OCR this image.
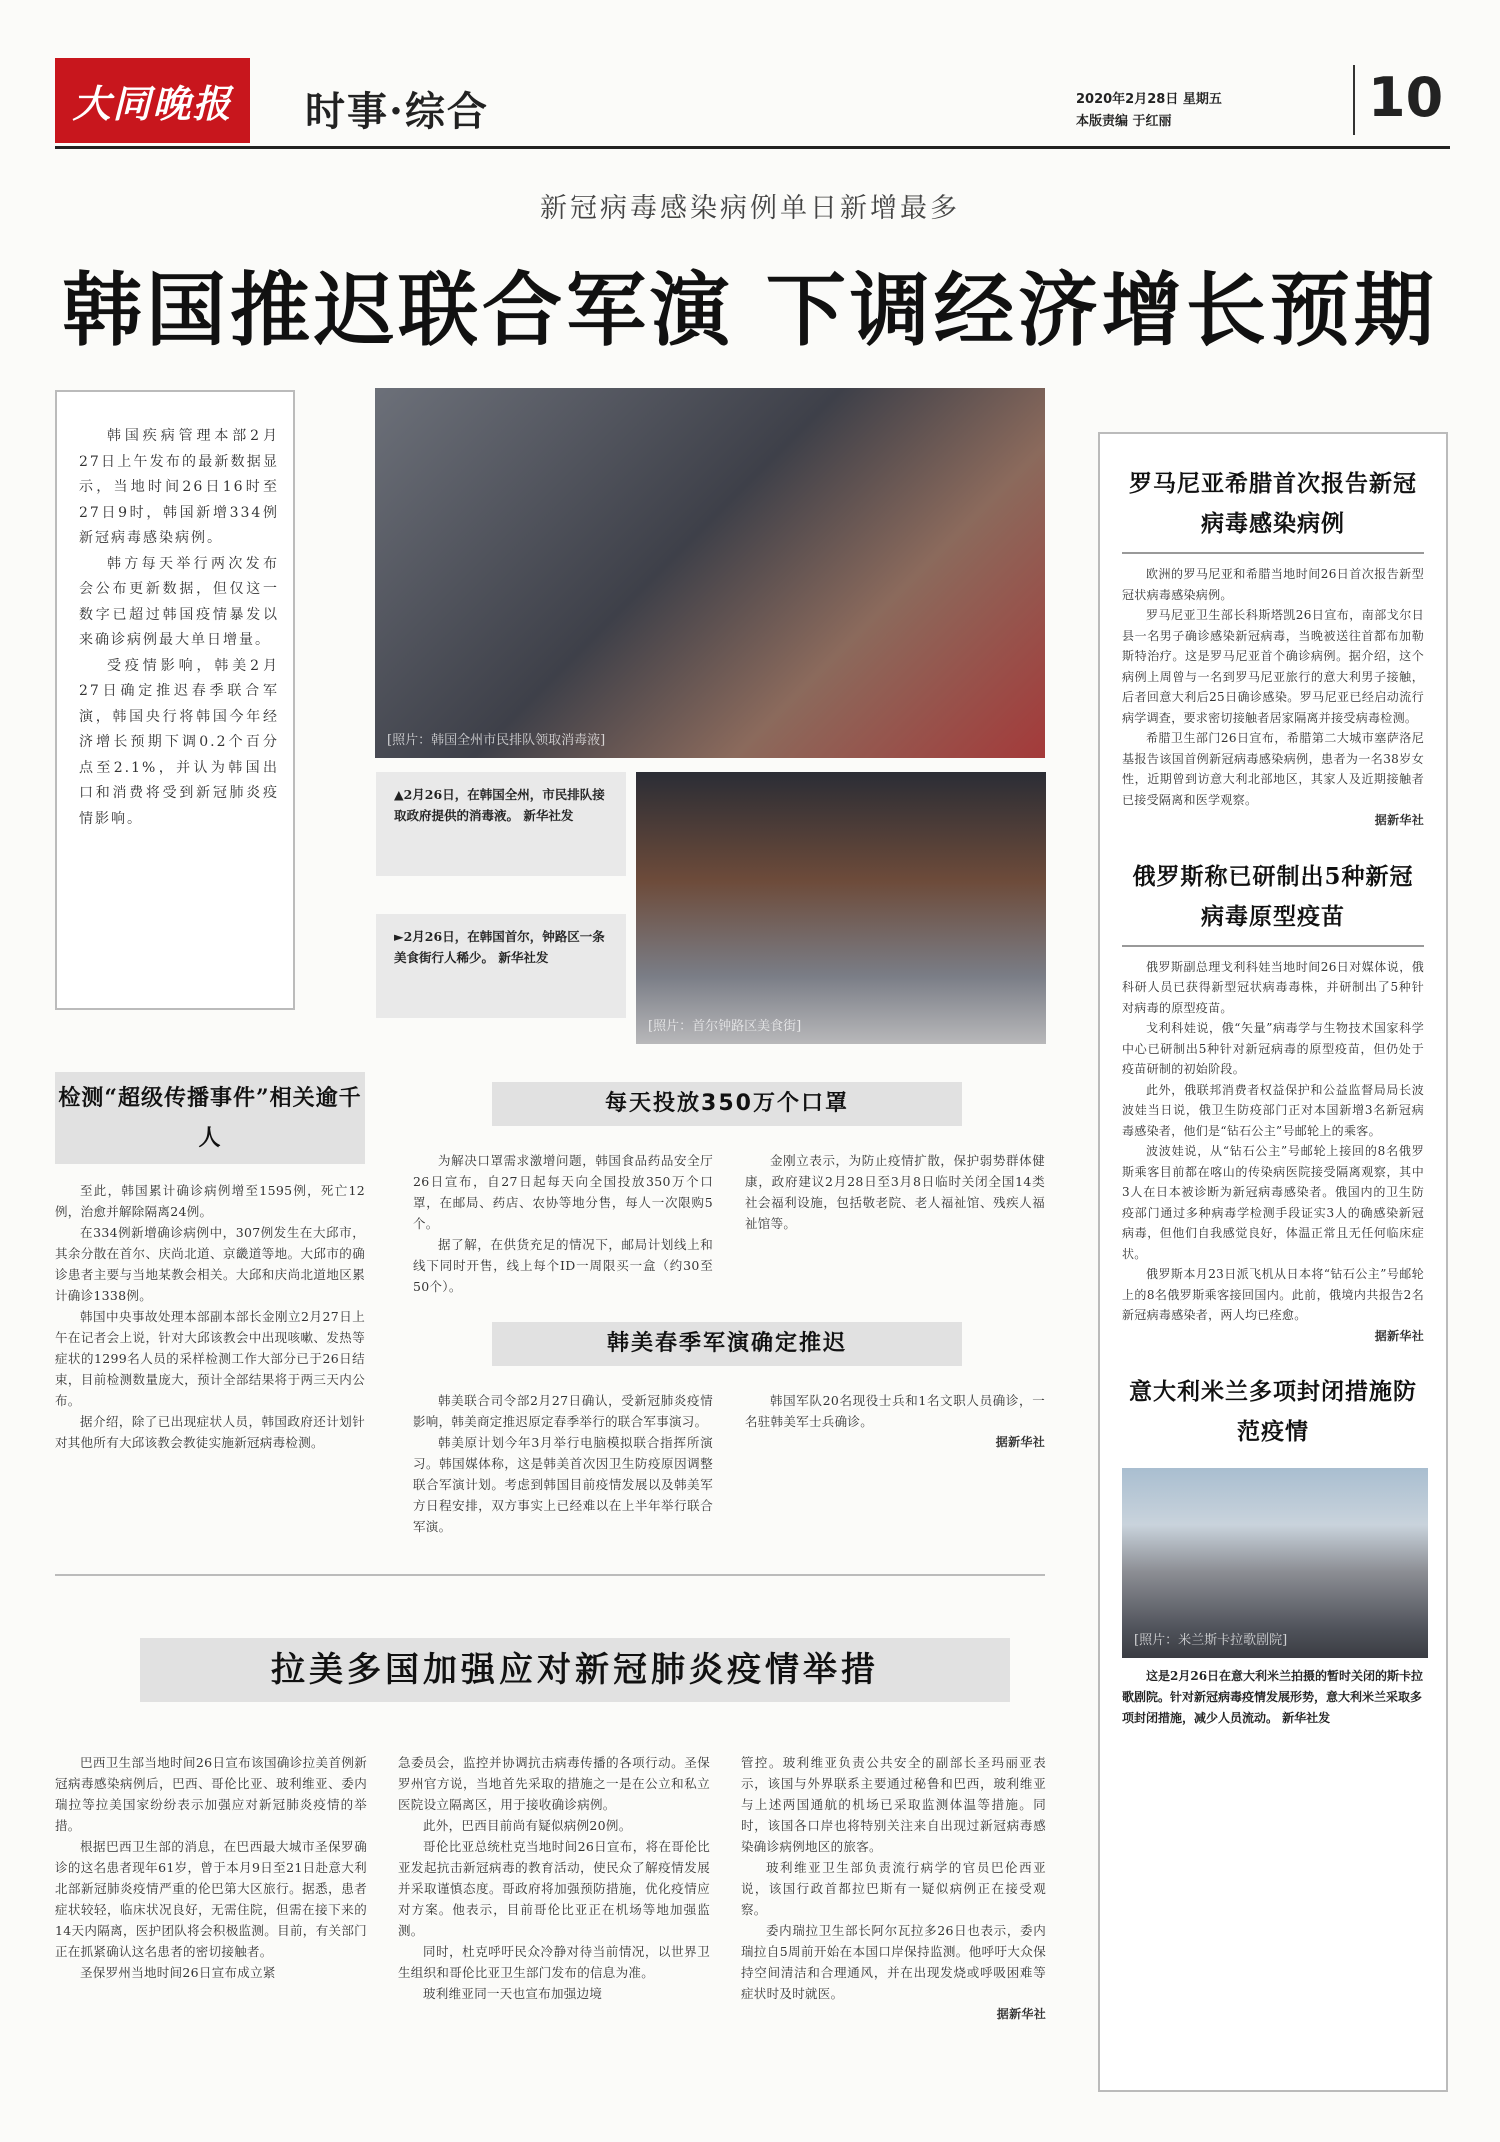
大同晚报	时事·综合	2020年2月28日 星期五
本版责编 于红丽	10
新冠病毒感染病例单日新增最多
韩国推迟联合军演 下调经济增长预期

韩国疾病管理本部2月27日上午发布的最新数据显示，当地时间26日16时至27日9时，韩国新增334例新冠病毒感染病例。

韩方每天举行两次发布会公布更新数据，但仅这一数字已超过韩国疫情暴发以来确诊病例最大单日增量。

受疫情影响，韩美2月27日确定推迟春季联合军演，韩国央行将韩国今年经济增长预期下调0.2个百分点至2.1%，并认为韩国出口和消费将受到新冠肺炎疫情影响。

[照片：韩国全州市民排队领取消毒液]
▲2月26日，在韩国全州，市民排队接取政府提供的消毒液。 新华社发
►2月26日，在韩国首尔，钟路区一条美食街行人稀少。 新华社发
[照片：首尔钟路区美食街]
检测“超级传播事件”相关逾千人

至此，韩国累计确诊病例增至1595例，死亡12例，治愈并解除隔离24例。

在334例新增确诊病例中，307例发生在大邱市，其余分散在首尔、庆尚北道、京畿道等地。大邱市的确诊患者主要与当地某教会相关。大邱和庆尚北道地区累计确诊1338例。

韩国中央事故处理本部副本部长金刚立2月27日上午在记者会上说，针对大邱该教会中出现咳嗽、发热等症状的1299名人员的采样检测工作大部分已于26日结束，目前检测数量庞大，预计全部结果将于两三天内公布。

据介绍，除了已出现症状人员，韩国政府还计划针对其他所有大邱该教会教徒实施新冠病毒检测。

每天投放350万个口罩

为解决口罩需求激增问题，韩国食品药品安全厅26日宣布，自27日起每天向全国投放350万个口罩，在邮局、药店、农协等地分售，每人一次限购5个。

据了解，在供货充足的情况下，邮局计划线上和线下同时开售，线上每个ID一周限买一盒（约30至50个）。

金刚立表示，为防止疫情扩散，保护弱势群体健康，政府建议2月28日至3月8日临时关闭全国14类社会福利设施，包括敬老院、老人福祉馆、残疾人福祉馆等。

韩美春季军演确定推迟

韩美联合司令部2月27日确认，受新冠肺炎疫情影响，韩美商定推迟原定春季举行的联合军事演习。

韩美原计划今年3月举行电脑模拟联合指挥所演习。韩国媒体称，这是韩美首次因卫生防疫原因调整联合军演计划。考虑到韩国目前疫情发展以及韩美军方日程安排，双方事实上已经难以在上半年举行联合军演。

韩国军队20名现役士兵和1名文职人员确诊，一名驻韩美军士兵确诊。

据新华社
拉美多国加强应对新冠肺炎疫情举措

巴西卫生部当地时间26日宣布该国确诊拉美首例新冠病毒感染病例后，巴西、哥伦比亚、玻利维亚、委内瑞拉等拉美国家纷纷表示加强应对新冠肺炎疫情的举措。

根据巴西卫生部的消息，在巴西最大城市圣保罗确诊的这名患者现年61岁，曾于本月9日至21日赴意大利北部新冠肺炎疫情严重的伦巴第大区旅行。据悉，患者症状较轻，临床状况良好，无需住院，但需在接下来的14天内隔离，医护团队将会积极监测。目前，有关部门正在抓紧确认这名患者的密切接触者。

圣保罗州当地时间26日宣布成立紧

急委员会，监控并协调抗击病毒传播的各项行动。圣保罗州官方说，当地首先采取的措施之一是在公立和私立医院设立隔离区，用于接收确诊病例。

此外，巴西目前尚有疑似病例20例。

哥伦比亚总统杜克当地时间26日宣布，将在哥伦比亚发起抗击新冠病毒的教育活动，使民众了解疫情发展并采取谨慎态度。哥政府将加强预防措施，优化疫情应对方案。他表示，目前哥伦比亚正在机场等地加强监测。

同时，杜克呼吁民众冷静对待当前情况，以世界卫生组织和哥伦比亚卫生部门发布的信息为准。

玻利维亚同一天也宣布加强边境

管控。玻利维亚负责公共安全的副部长圣玛丽亚表示，该国与外界联系主要通过秘鲁和巴西，玻利维亚与上述两国通航的机场已采取监测体温等措施。同时，该国各口岸也将特别关注来自出现过新冠病毒感染确诊病例地区的旅客。

玻利维亚卫生部负责流行病学的官员巴伦西亚说，该国行政首都拉巴斯有一疑似病例正在接受观察。

委内瑞拉卫生部长阿尔瓦拉多26日也表示，委内瑞拉自5周前开始在本国口岸保持监测。他呼吁大众保持空间清洁和合理通风，并在出现发烧或呼吸困难等症状时及时就医。

据新华社
罗马尼亚希腊首次报告新冠病毒感染病例

欧洲的罗马尼亚和希腊当地时间26日首次报告新型冠状病毒感染病例。

罗马尼亚卫生部长科斯塔凯26日宣布，南部戈尔日县一名男子确诊感染新冠病毒，当晚被送往首都布加勒斯特治疗。这是罗马尼亚首个确诊病例。据介绍，这个病例上周曾与一名到罗马尼亚旅行的意大利男子接触，后者回意大利后25日确诊感染。罗马尼亚已经启动流行病学调查，要求密切接触者居家隔离并接受病毒检测。

希腊卫生部门26日宣布，希腊第二大城市塞萨洛尼基报告该国首例新冠病毒感染病例，患者为一名38岁女性，近期曾到访意大利北部地区，其家人及近期接触者已接受隔离和医学观察。

据新华社
俄罗斯称已研制出5种新冠病毒原型疫苗

俄罗斯副总理戈利科娃当地时间26日对媒体说，俄科研人员已获得新型冠状病毒毒株，并研制出了5种针对病毒的原型疫苗。

戈利科娃说，俄“矢量”病毒学与生物技术国家科学中心已研制出5种针对新冠病毒的原型疫苗，但仍处于疫苗研制的初始阶段。

此外，俄联邦消费者权益保护和公益监督局局长波波娃当日说，俄卫生防疫部门正对本国新增3名新冠病毒感染者，他们是“钻石公主”号邮轮上的乘客。

波波娃说，从“钻石公主”号邮轮上接回的8名俄罗斯乘客目前都在喀山的传染病医院接受隔离观察，其中3人在日本被诊断为新冠病毒感染者。俄国内的卫生防疫部门通过多种病毒学检测手段证实3人的确感染新冠病毒，但他们自我感觉良好，体温正常且无任何临床症状。

俄罗斯本月23日派飞机从日本将“钻石公主”号邮轮上的8名俄罗斯乘客接回国内。此前，俄境内共报告2名新冠病毒感染者，两人均已痊愈。

据新华社
意大利米兰多项封闭措施防范疫情
[照片：米兰斯卡拉歌剧院]
这是2月26日在意大利米兰拍摄的暂时关闭的斯卡拉歌剧院。针对新冠病毒疫情发展形势，意大利米兰采取多项封闭措施，减少人员流动。 新华社发
